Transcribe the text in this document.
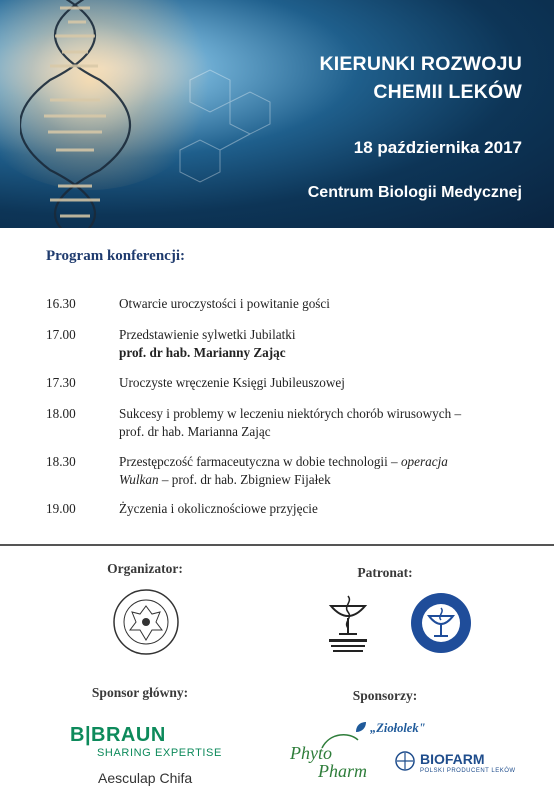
KIERUNKI ROZWOJU
CHEMII LEKÓW
18 października 2017
Centrum Biologii Medycznej
Program konferencji:
16.30	Otwarcie uroczystości i powitanie gości
17.00	Przedstawienie sylwetki Jubilatki
prof. dr hab. Marianny Zając
17.30	Uroczyste wręczenie Księgi Jubileuszowej
18.00	Sukcesy i problemy w leczeniu niektórych chorób wirusowych –
prof. dr hab. Marianna Zając
18.30	Przestępczość farmaceutyczna w dobie technologii – operacja
Wulkan – prof. dr hab. Zbigniew Fijałek
19.00	Życzenia i okolicznościowe przyjęcie
Organizator:	Patronat:
Sponsor główny:	Sponsorzy:
B|BRAUN
SHARING EXPERTISE
Aesculap Chifa
„Ziołolek"
Phyto
Pharm
BIOFARM
POLSKI PRODUCENT LEKÓW
